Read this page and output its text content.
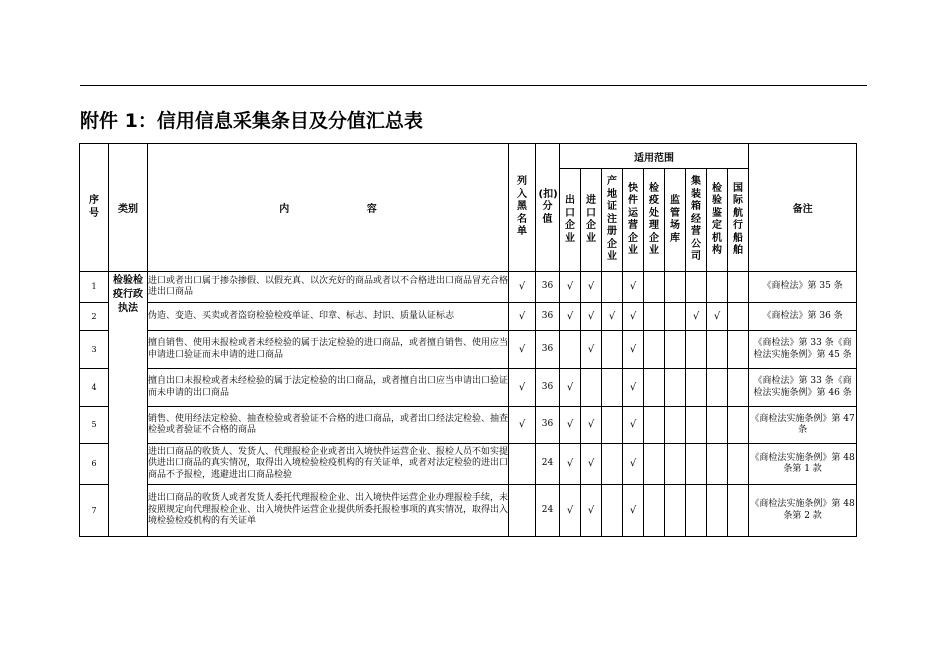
附件 1：信用信息采集条目及分值汇总表
序号	类别	内 容	列入黑名单	(扣)分值	适用范围									备注
					出口企业	进口企业	产地证注册企业	快件运营企业	检疫处理企业	监管场库	集装箱经营公司	检验鉴定机构	国际航行船舶	
1	检验检疫行政执法	进口或者出口属于掺杂掺假、以假充真、以次充好的商品或者以不合格进出口商品冒充合格进出口商品	√	36	√	√		√						《商检法》第 35 条
2		伪造、变造、买卖或者盗窃检验检疫单证、印章、标志、封识、质量认证标志	√	36	√	√	√	√			√	√		《商检法》第 36 条
3		擅自销售、使用未报检或者未经检验的属于法定检验的进口商品，或者擅自销售、使用应当申请进口验证而未申请的进口商品	√	36		√		√						《商检法》第 33 条《商检法实施条例》第 45 条
4		擅自出口未报检或者未经检验的属于法定检验的出口商品，或者擅自出口应当申请出口验证而未申请的出口商品	√	36	√			√						《商检法》第 33 条《商检法实施条例》第 46 条
5		销售、使用经法定检验、抽查检验或者验证不合格的进口商品，或者出口经法定检验、抽查检验或者验证不合格的商品	√	36	√	√		√						《商检法实施条例》第 47 条
6		进出口商品的收货人、发货人、代理报检企业或者出入境快件运营企业、报检人员不如实提供进出口商品的真实情况，取得出入境检验检疫机构的有关证单，或者对法定检验的进出口商品不予报检，逃避进出口商品检验		24	√	√		√						《商检法实施条例》第 48 条第 1 款
7		进出口商品的收货人或者发货人委托代理报检企业、出入境快件运营企业办理报检手续，未按照规定向代理报检企业、出入境快件运营企业提供所委托报检事项的真实情况，取得出入境检验检疫机构的有关证单		24	√	√		√						《商检法实施条例》第 48 条第 2 款
